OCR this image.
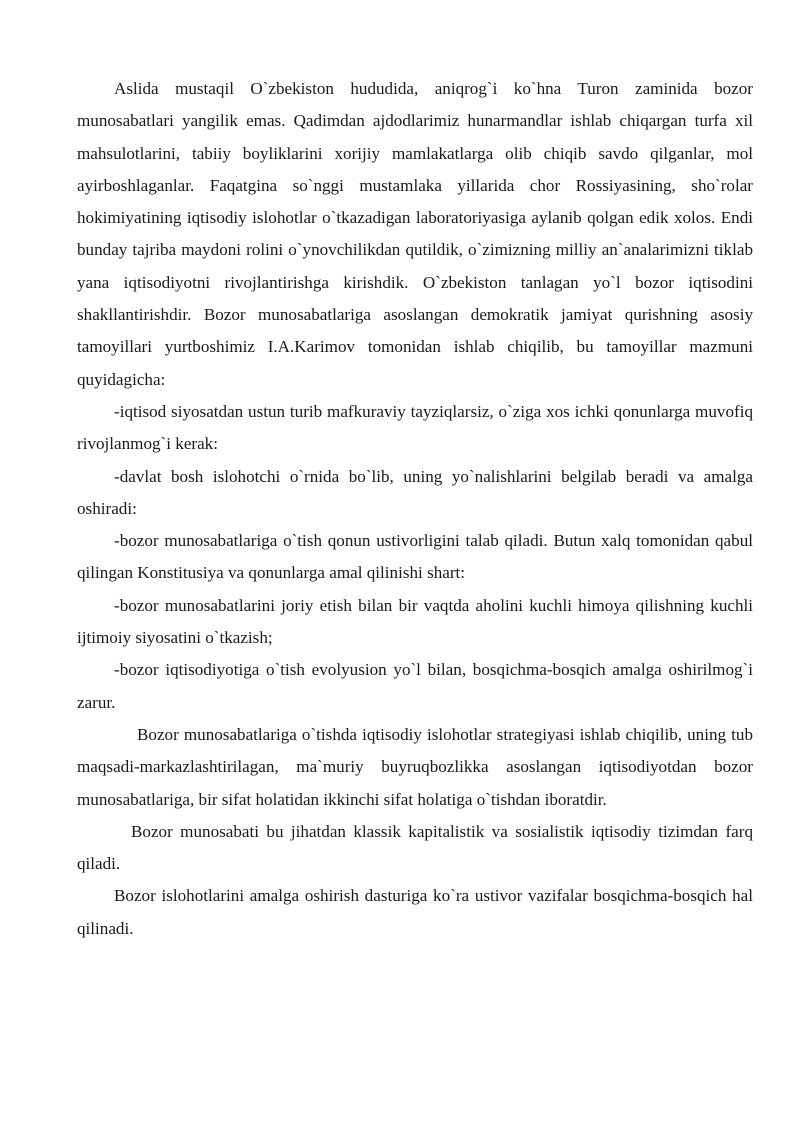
Aslida mustaqil O`zbekiston hududida, aniqrog`i ko`hna Turon zaminida bozor munosabatlari yangilik emas. Qadimdan ajdodlarimiz hunarmandlar ishlab chiqargan turfa xil mahsulotlarini, tabiiy boyliklarini xorijiy mamlakatlarga olib chiqib savdo qilganlar, mol ayirboshlaganlar. Faqatgina so`nggi mustamlaka yillarida chor Rossiyasining, sho`rolar hokimiyatining iqtisodiy islohotlar o`tkazadigan laboratoriyasiga aylanib qolgan edik xolos. Endi bunday tajriba maydoni rolini o`ynovchilikdan qutildik, o`zimizning milliy an`analarimizni tiklab yana iqtisodiyotni rivojlantirishga kirishdik. O`zbekiston tanlagan yo`l bozor iqtisodini shakllantirishdir. Bozor munosabatlariga asoslangan demokratik jamiyat qurishning asosiy tamoyillari yurtboshimiz I.A.Karimov tomonidan ishlab chiqilib, bu tamoyillar mazmuni quyidagicha:

-iqtisod siyosatdan ustun turib mafkuraviy tayziqlarsiz, o`ziga xos ichki qonunlarga muvofiq rivojlanmog`i kerak:

-davlat bosh islohotchi o`rnida bo`lib, uning yo`nalishlarini belgilab beradi va amalga oshiradi:

-bozor munosabatlariga o`tish qonun ustivorligini talab qiladi. Butun xalq tomonidan qabul qilingan Konstitusiya va qonunlarga amal qilinishi shart:

-bozor munosabatlarini joriy etish bilan bir vaqtda aholini kuchli himoya qilishning kuchli ijtimoiy siyosatini o`tkazish;

-bozor iqtisodiyotiga o`tish evolyusion yo`l bilan, bosqichma-bosqich amalga oshirilmog`i zarur.

Bozor munosabatlariga o`tishda iqtisodiy islohotlar strategiyasi ishlab chiqilib, uning tub maqsadi-markazlashtirilagan, ma`muriy buyruqbozlikka asoslangan iqtisodiyotdan bozor munosabatlariga, bir sifat holatidan ikkinchi sifat holatiga o`tishdan iboratdir.

Bozor munosabati bu jihatdan klassik kapitalistik va sosialistik iqtisodiy tizimdan farq qiladi.

Bozor islohotlarini amalga oshirish dasturiga ko`ra ustivor vazifalar bosqichma-bosqich hal qilinadi.
